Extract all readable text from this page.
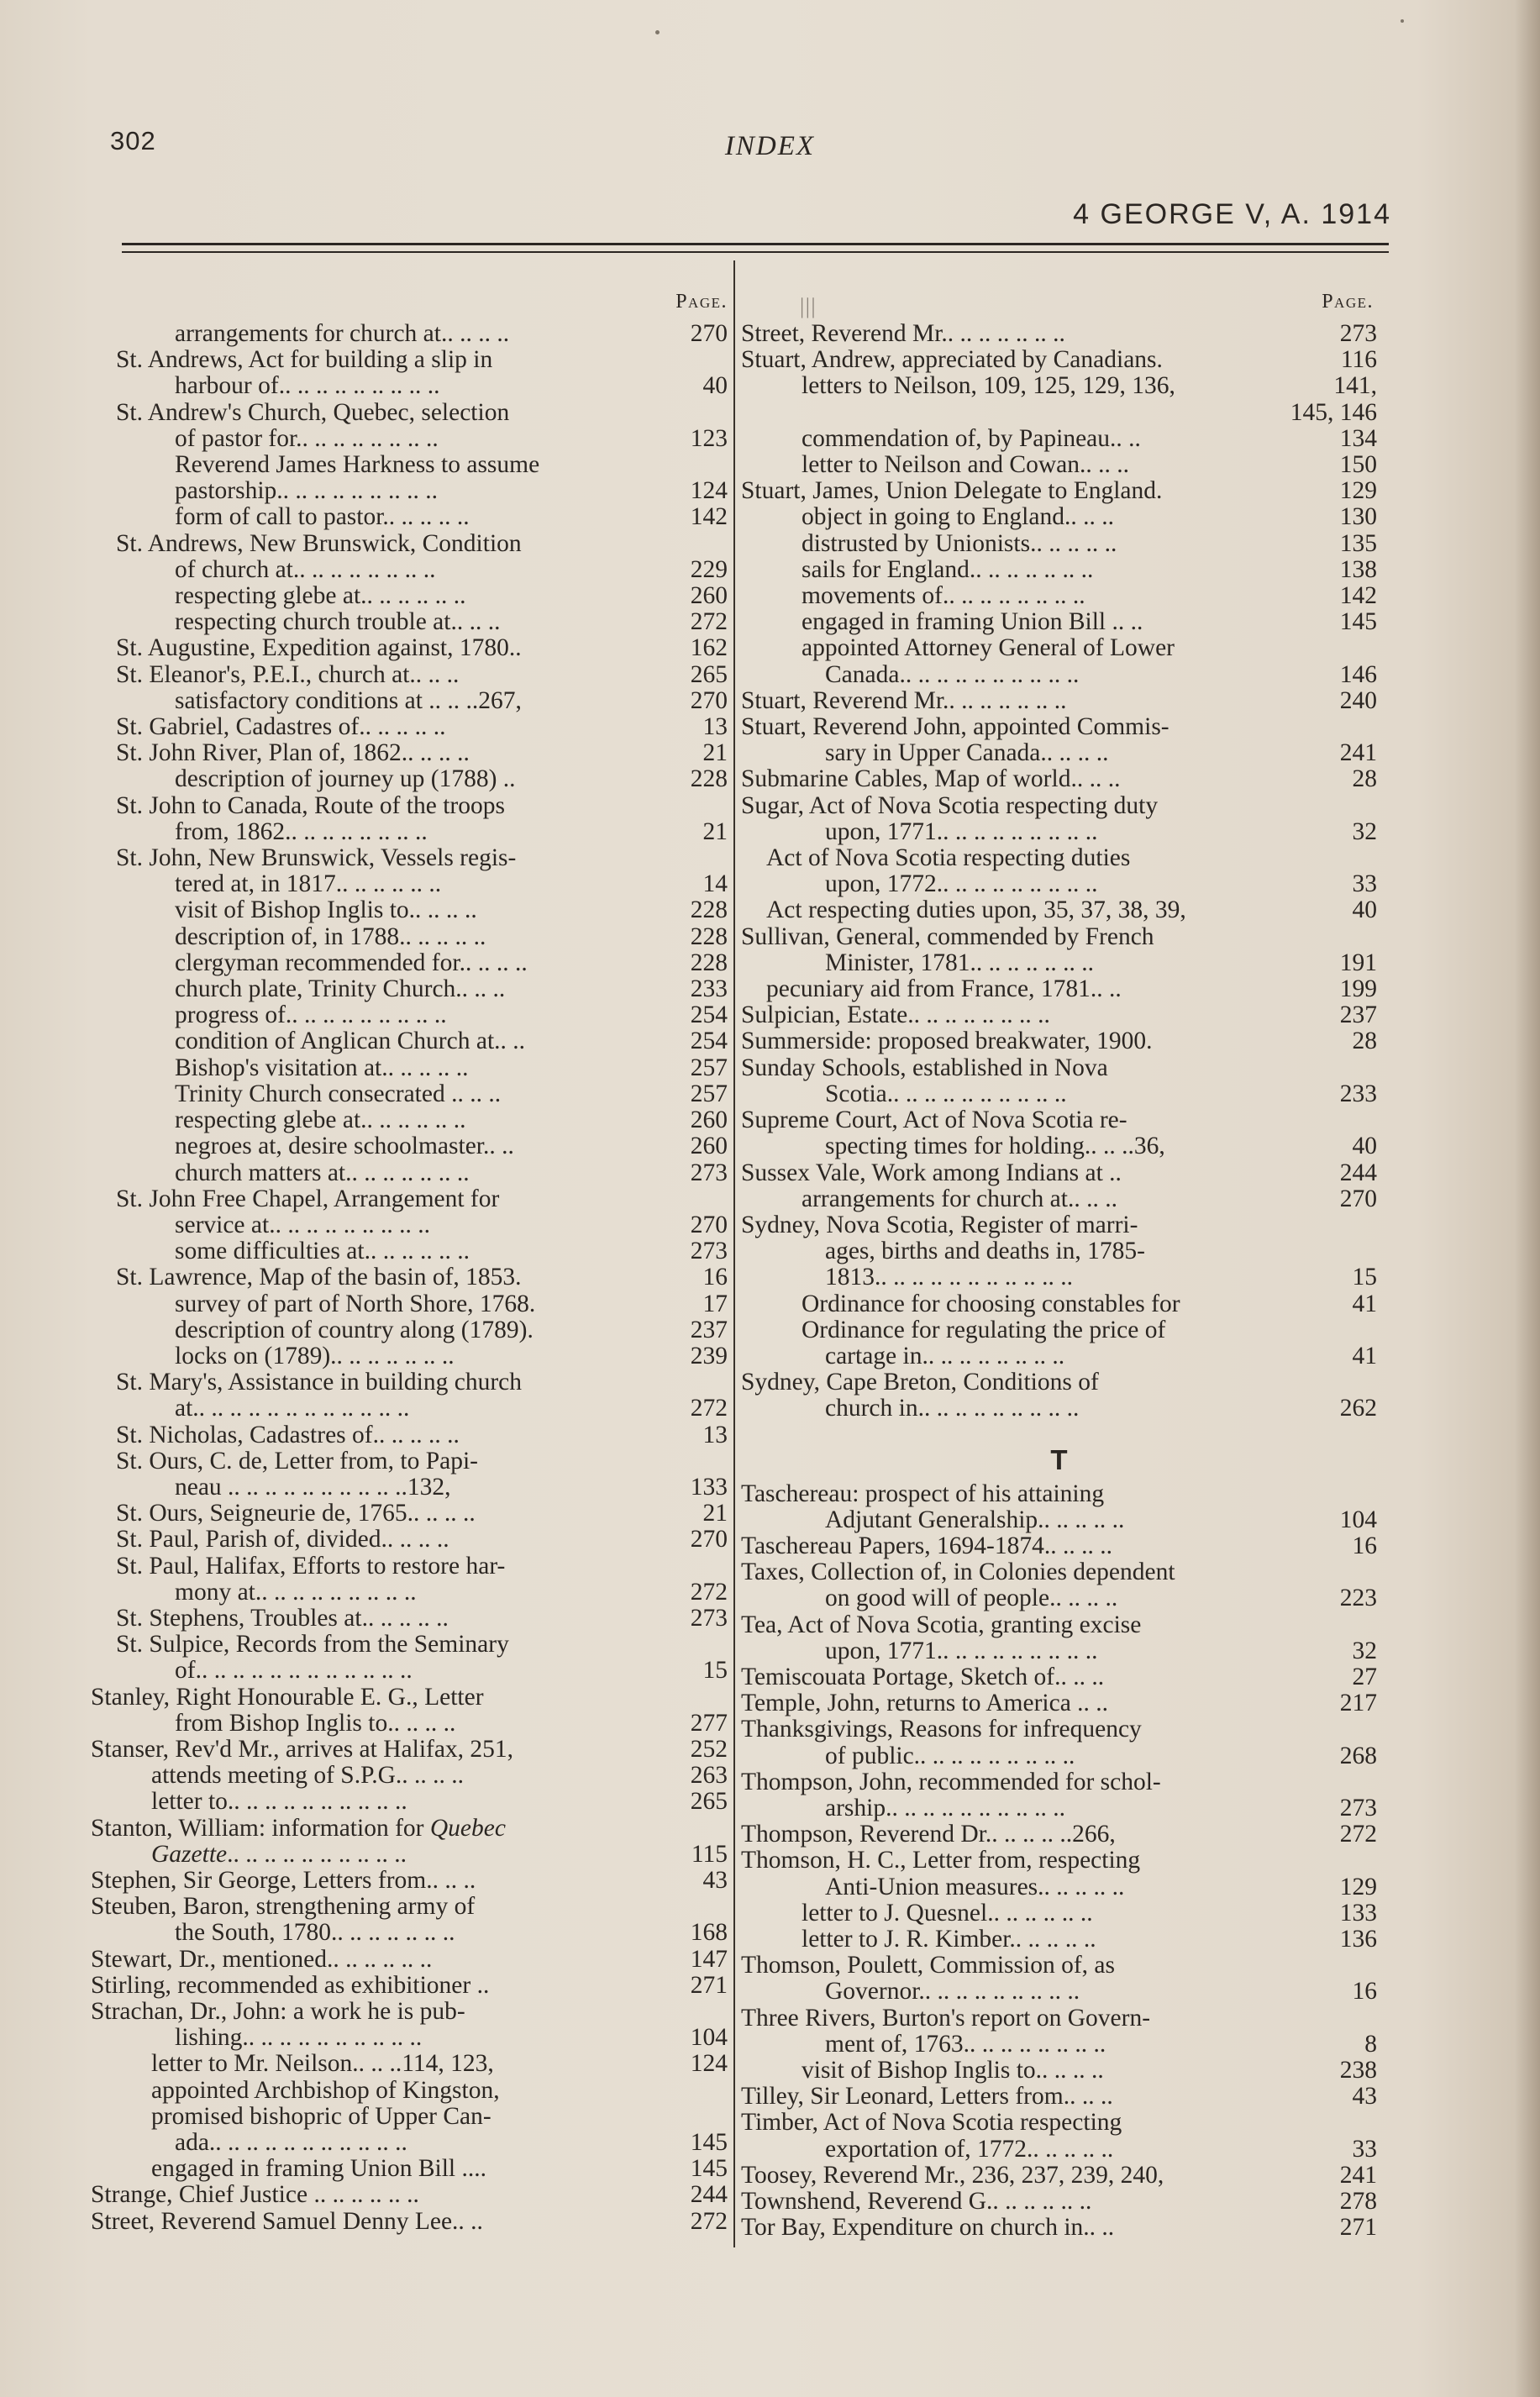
302	INDEX
4 GEORGE V, A. 1914
Page.
arrangements for church at.. .. .. ..	270
St. Andrews, Act for building a slip in
harbour of.. .. .. .. .. .. .. .. ..	40
St. Andrew's Church, Quebec, selection
of pastor for.. .. .. .. .. .. .. ..	123
Reverend James Harkness to assume
pastorship.. .. .. .. .. .. .. .. ..	124
form of call to pastor.. .. .. .. ..	142
St. Andrews, New Brunswick, Condition
of church at.. .. .. .. .. .. .. ..	229
respecting glebe at.. .. .. .. .. ..	260
respecting church trouble at.. .. ..	272
St. Augustine, Expedition against, 1780..	162
St. Eleanor's, P.E.I., church at.. .. ..	265
satisfactory conditions at .. .. ..267,	270
St. Gabriel, Cadastres of.. .. .. .. ..	13
St. John River, Plan of, 1862.. .. .. ..	21
description of journey up (1788) ..	228
St. John to Canada, Route of the troops
from, 1862.. .. .. .. .. .. .. ..	21
St. John, New Brunswick, Vessels regis-
tered at, in 1817.. .. .. .. .. ..	14
visit of Bishop Inglis to.. .. .. ..	228
description of, in 1788.. .. .. .. ..	228
clergyman recommended for.. .. .. ..	228
church plate, Trinity Church.. .. ..	233
progress of.. .. .. .. .. .. .. .. ..	254
condition of Anglican Church at.. ..	254
Bishop's visitation at.. .. .. .. ..	257
Trinity Church consecrated .. .. ..	257
respecting glebe at.. .. .. .. .. ..	260
negroes at, desire schoolmaster.. ..	260
church matters at.. .. .. .. .. .. ..	273
St. John Free Chapel, Arrangement for
service at.. .. .. .. .. .. .. .. ..	270
some difficulties at.. .. .. .. .. ..	273
St. Lawrence, Map of the basin of, 1853.	16
survey of part of North Shore, 1768.	17
description of country along (1789).	237
locks on (1789).. .. .. .. .. .. ..	239
St. Mary's, Assistance in building church
at.. .. .. .. .. .. .. .. .. .. .. ..	272
St. Nicholas, Cadastres of.. .. .. .. ..	13
St. Ours, C. de, Letter from, to Papi-
neau .. .. .. .. .. .. .. .. .. ..132,	133
St. Ours, Seigneurie de, 1765.. .. .. ..	21
St. Paul, Parish of, divided.. .. .. ..	270
St. Paul, Halifax, Efforts to restore har-
mony at.. .. .. .. .. .. .. .. ..	272
St. Stephens, Troubles at.. .. .. .. ..	273
St. Sulpice, Records from the Seminary
of.. .. .. .. .. .. .. .. .. .. .. ..	15
Stanley, Right Honourable E. G., Letter
from Bishop Inglis to.. .. .. ..	277
Stanser, Rev'd Mr., arrives at Halifax, 251,	252
attends meeting of S.P.G.. .. .. ..	263
letter to.. .. .. .. .. .. .. .. .. ..	265
Stanton, William: information for Quebec
Gazette.. .. .. .. .. .. .. .. .. ..	115
Stephen, Sir George, Letters from.. .. ..	43
Steuben, Baron, strengthening army of
the South, 1780.. .. .. .. .. .. ..	168
Stewart, Dr., mentioned.. .. .. .. .. ..	147
Stirling, recommended as exhibitioner ..	271
Strachan, Dr., John: a work he is pub-
lishing.. .. .. .. .. .. .. .. .. ..	104
letter to Mr. Neilson.. .. ..114, 123,	124
appointed Archbishop of Kingston,
promised bishopric of Upper Can-
ada.. .. .. .. .. .. .. .. .. .. ..	145
engaged in framing Union Bill ....	145
Strange, Chief Justice .. .. .. .. .. ..	244
Street, Reverend Samuel Denny Lee.. ..	272
|||	Page.
Street, Reverend Mr.. .. .. .. .. .. ..	273
Stuart, Andrew, appreciated by Canadians.	116
letters to Neilson, 109, 125, 129, 136,	141,
145, 146
commendation of, by Papineau.. ..	134
letter to Neilson and Cowan.. .. ..	150
Stuart, James, Union Delegate to England.	129
object in going to England.. .. ..	130
distrusted by Unionists.. .. .. .. ..	135
sails for England.. .. .. .. .. .. ..	138
movements of.. .. .. .. .. .. .. ..	142
engaged in framing Union Bill .. ..	145
appointed Attorney General of Lower
Canada.. .. .. .. .. .. .. .. .. ..	146
Stuart, Reverend Mr.. .. .. .. .. .. ..	240
Stuart, Reverend John, appointed Commis-
sary in Upper Canada.. .. .. ..	241
Submarine Cables, Map of world.. .. ..	28
Sugar, Act of Nova Scotia respecting duty
upon, 1771.. .. .. .. .. .. .. .. ..	32
Act of Nova Scotia respecting duties
upon, 1772.. .. .. .. .. .. .. .. ..	33
Act respecting duties upon, 35, 37, 38, 39,	40
Sullivan, General, commended by French
Minister, 1781.. .. .. .. .. .. ..	191
pecuniary aid from France, 1781.. ..	199
Sulpician, Estate.. .. .. .. .. .. .. ..	237
Summerside: proposed breakwater, 1900.	28
Sunday Schools, established in Nova
Scotia.. .. .. .. .. .. .. .. .. ..	233
Supreme Court, Act of Nova Scotia re-
specting times for holding.. .. ..36,	40
Sussex Vale, Work among Indians at ..	244
arrangements for church at.. .. ..	270
Sydney, Nova Scotia, Register of marri-
ages, births and deaths in, 1785-
1813.. .. .. .. .. .. .. .. .. .. ..	15
Ordinance for choosing constables for	41
Ordinance for regulating the price of
cartage in.. .. .. .. .. .. .. ..	41
Sydney, Cape Breton, Conditions of
church in.. .. .. .. .. .. .. .. ..	262
T
Taschereau: prospect of his attaining
Adjutant Generalship.. .. .. .. ..	104
Taschereau Papers, 1694-1874.. .. .. ..	16
Taxes, Collection of, in Colonies dependent
on good will of people.. .. .. ..	223
Tea, Act of Nova Scotia, granting excise
upon, 1771.. .. .. .. .. .. .. .. ..	32
Temiscouata Portage, Sketch of.. .. ..	27
Temple, John, returns to America .. ..	217
Thanksgivings, Reasons for infrequency
of public.. .. .. .. .. .. .. .. ..	268
Thompson, John, recommended for schol-
arship.. .. .. .. .. .. .. .. .. ..	273
Thompson, Reverend Dr.. .. .. .. ..266,	272
Thomson, H. C., Letter from, respecting
Anti-Union measures.. .. .. .. ..	129
letter to J. Quesnel.. .. .. .. .. ..	133
letter to J. R. Kimber.. .. .. .. ..	136
Thomson, Poulett, Commission of, as
Governor.. .. .. .. .. .. .. .. ..	16
Three Rivers, Burton's report on Govern-
ment of, 1763.. .. .. .. .. .. .. ..	8
visit of Bishop Inglis to.. .. .. ..	238
Tilley, Sir Leonard, Letters from.. .. ..	43
Timber, Act of Nova Scotia respecting
exportation of, 1772.. .. .. .. ..	33
Toosey, Reverend Mr., 236, 237, 239, 240,	241
Townshend, Reverend G.. .. .. .. .. ..	278
Tor Bay, Expenditure on church in.. ..	271
